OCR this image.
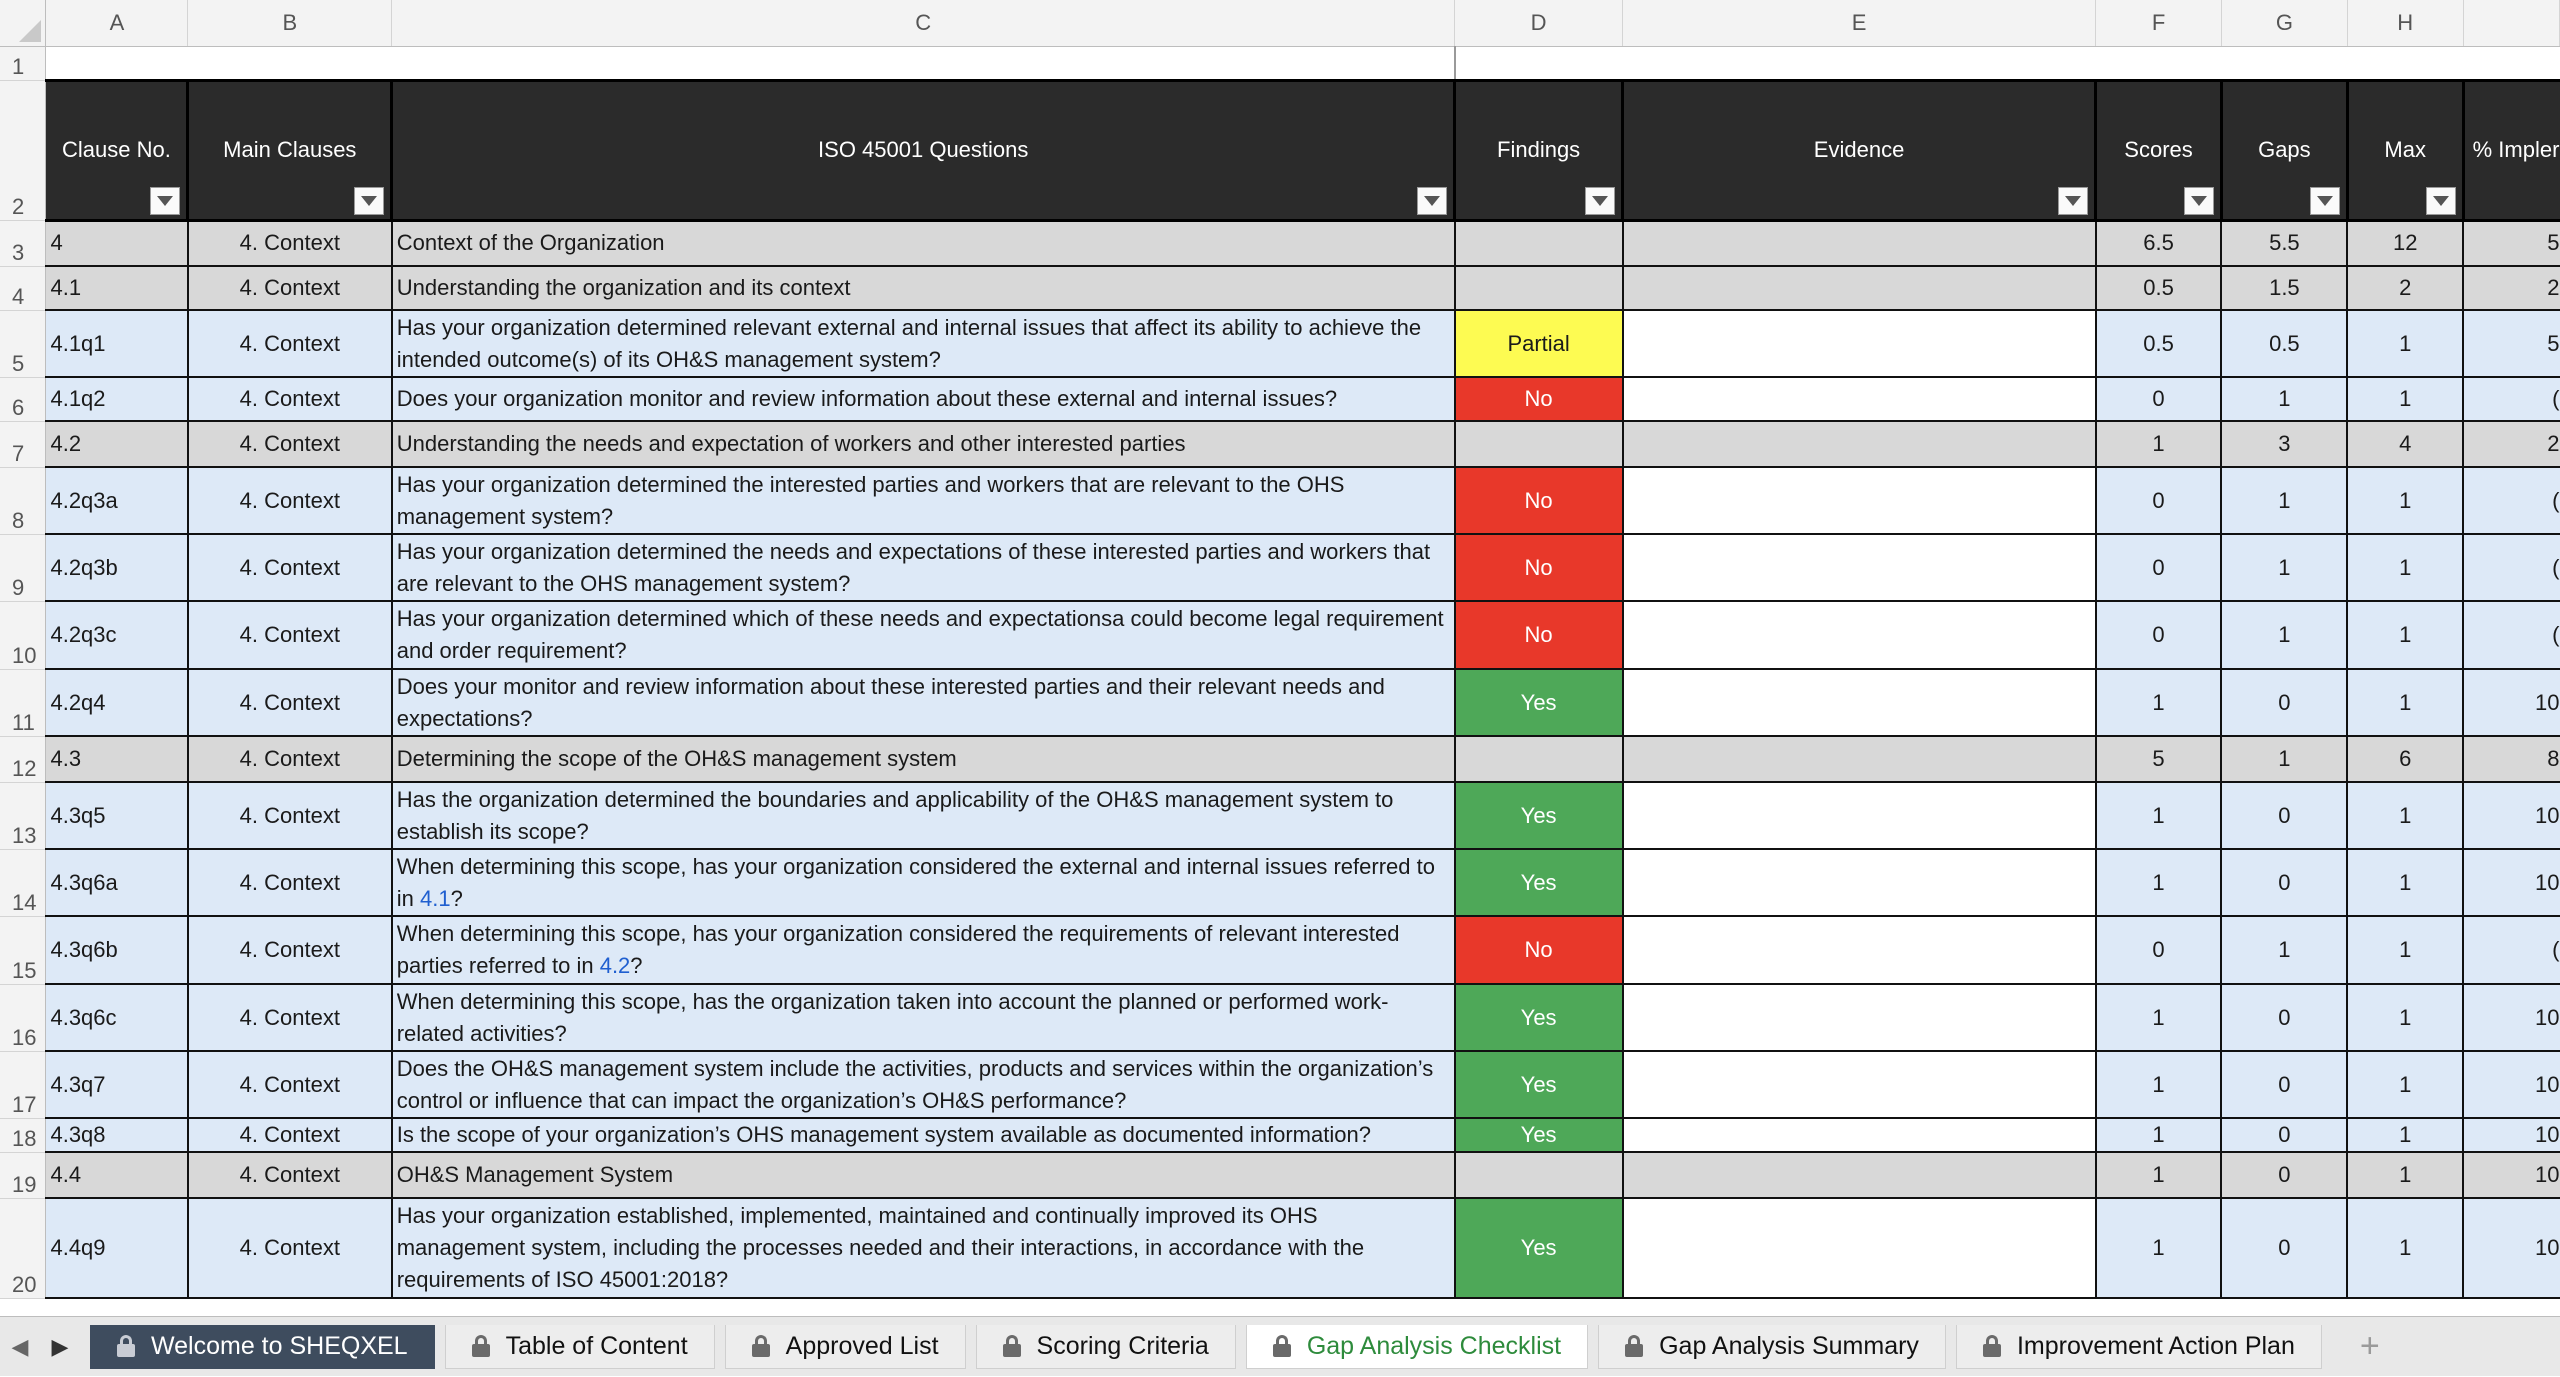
	A	B	C	D	E	F	G	H	
1									
2	Clause No.	Main Clauses	ISO 45001 Questions	Findings	Evidence	Scores	Gaps	Max	% Impler
3	4	4. Context	Context of the Organization			6.5	5.5	12	5
4	4.1	4. Context	Understanding the organization and its context			0.5	1.5	2	2
5	4.1q1	4. Context	Has your organization determined relevant external and internal issues that affect its ability to achieve the intended outcome(s) of its OH&S management system?	Partial		0.5	0.5	1	5
6	4.1q2	4. Context	Does your organization monitor and review information about these external and internal issues?	No		0	1	1	(
7	4.2	4. Context	Understanding the needs and expectation of workers and other interested parties			1	3	4	2
8	4.2q3a	4. Context	Has your organization determined the interested parties and workers that are relevant to the OHS management system?	No		0	1	1	(
9	4.2q3b	4. Context	Has your organization determined the needs and expectations of these interested parties and workers that are relevant to the OHS management system?	No		0	1	1	(
10	4.2q3c	4. Context	Has your organization determined which of these needs and expectationsa could become legal requirement and order requirement?	No		0	1	1	(
11	4.2q4	4. Context	Does your monitor and review information about these interested parties and their relevant needs and expectations?	Yes		1	0	1	10
12	4.3	4. Context	Determining the scope of the OH&S management system			5	1	6	8
13	4.3q5	4. Context	Has the organization determined the boundaries and applicability of the OH&S management system to establish its scope?	Yes		1	0	1	10
14	4.3q6a	4. Context	When determining this scope, has your organization considered the external and internal issues referred to in 4.1?	Yes		1	0	1	10
15	4.3q6b	4. Context	When determining this scope, has your organization considered the requirements of relevant interested parties referred to in 4.2?	No		0	1	1	(
16	4.3q6c	4. Context	When determining this scope, has the organization taken into account the planned or performed work-related activities?	Yes		1	0	1	10
17	4.3q7	4. Context	Does the OH&S management system include the activities, products and services within the organization’s control or influence that can impact the organization’s OH&S performance?	Yes		1	0	1	10
18	4.3q8	4. Context	Is the scope of your organization’s OHS management system available as documented information?	Yes		1	0	1	10
19	4.4	4. Context	OH&S Management System			1	0	1	10
20	4.4q9	4. Context	Has your organization established, implemented, maintained and continually improved its OHS management system, including the processes needed and their interactions, in accordance with the requirements of ISO 45001:2018?	Yes		1	0	1	10
◀	▶	Welcome to SHEQXEL	Table of Content	Approved List	Scoring Criteria	Gap Analysis Checklist	Gap Analysis Summary	Improvement Action Plan	+
